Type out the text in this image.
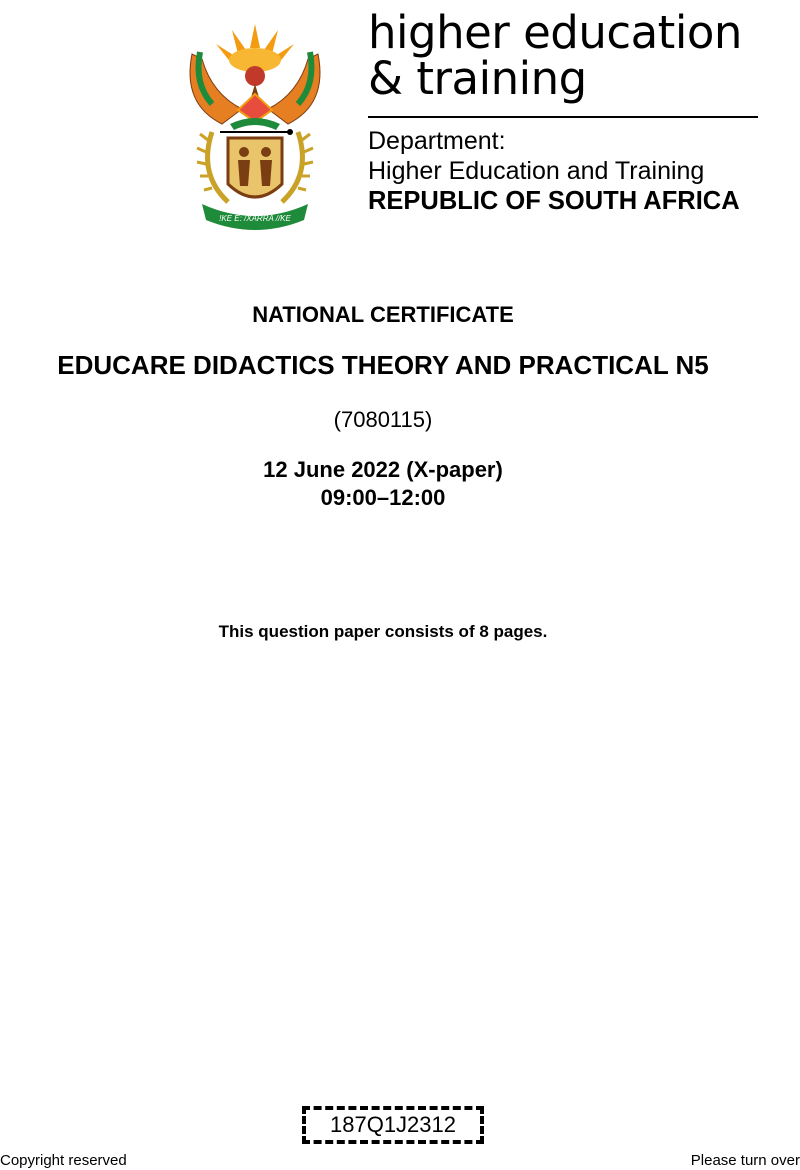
!KE E: /XARRA //KE

higher education

& training

Department:
Higher Education and Training
REPUBLIC OF SOUTH AFRICA
NATIONAL CERTIFICATE
EDUCARE DIDACTICS THEORY AND PRACTICAL N5
(7080115)
12 June 2022 (X-paper)
09:00–12:00
This question paper consists of 8 pages.
187Q1J2312
Copyright reserved	Please turn over
